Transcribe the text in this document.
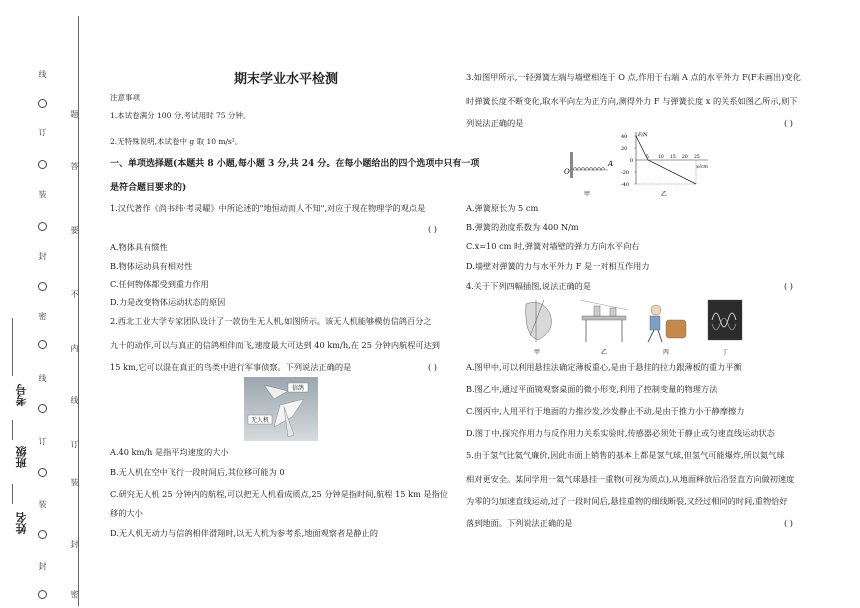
线
订
装
封
密
线
订
装
封
题
答
要
不
内
线
订
装
封
密
考号
班级
姓名
期末学业水平检测
注意事项
1.本试卷满分 100 分,考试用时 75 分钟。
2.无特殊说明,本试卷中 g 取 10 m/s²。
一、单项选择题(本题共 8 小题,每小题 3 分,共 24 分。在每小题给出的四个选项中只有一项
是符合题目要求的)
1.汉代著作《尚书纬·考灵曜》中所论述的"地恒动而人不知",对应于现在物理学的观点是
( )
A.物体具有惯性
B.物体运动具有相对性
C.任何物体都受到重力作用
D.力是改变物体运动状态的原因
2.西北工业大学专家团队设计了一款仿生无人机,如图所示。该无人机能够模仿信鸽百分之
九十的动作,可以与真正的信鸽相伴而飞,速度最大可达到 40 km/h,在 25 分钟内航程可达到
15 km,它可以混在真正的鸟类中进行军事侦察。下列说法正确的是	( )
信鸽
无人机
A.40 km/h 是指平均速度的大小
B.无人机在空中飞行一段时间后,其位移可能为 0
C.研究无人机 25 分钟内的航程,可以把无人机看成质点,25 分钟是指时间,航程 15 km 是指位
移的大小
D.无人机无动力与信鸽相伴滑翔时,以无人机为参考系,地面观察者是静止的
3.如图甲所示,一轻弹簧左端与墙壁相连于 O 点,作用于右端 A 点的水平外力 F(F未画出)变化
时弹簧长度不断变化,取水平向左为正方向,测得外力 F 与弹簧长度 x 的关系如图乙所示,则下
列说法正确的是	( )
O
A
甲
F/N
x/cm
乙
40
20
-20
-40
0
5 10 15 20 25
A.弹簧原长为 5 cm
B.弹簧的劲度系数为 400 N/m
C.x=10 cm 时,弹簧对墙壁的弹力方向水平向右
D.墙壁对弹簧的力与水平外力 F 是一对相互作用力
4.关于下列四幅插图,说法正确的是	( )
甲	乙	丙	丁
A.图甲中,可以利用悬挂法确定薄板重心,是由于悬挂的拉力跟薄板的重力平衡
B.图乙中,通过平面镜观察桌面的微小形变,利用了控制变量的物理方法
C.图丙中,人用平行于地面的力推沙发,沙发静止不动,是由于推力小于静摩擦力
D.图丁中,探究作用力与反作用力关系实验时,传感器必须处于静止或匀速直线运动状态
5.由于氢气比氦气廉价,因此市面上销售的基本上都是氢气球,但氢气可能爆炸,所以氦气球
相对更安全。某同学用一氦气球悬挂一重物(可视为质点),从地面释放后沿竖直方向做初速度
为零的匀加速直线运动,过了一段时间后,悬挂重物的细线断裂,又经过相同的时间,重物恰好
落到地面。下列说法正确的是	( )
